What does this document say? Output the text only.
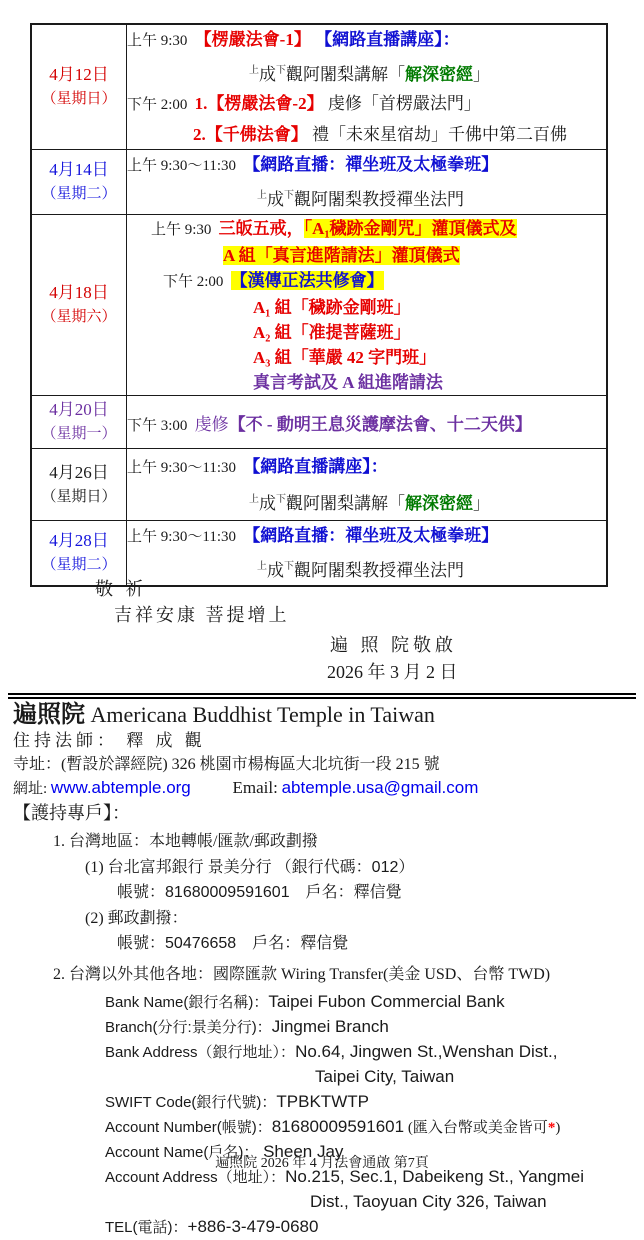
4月12日
（星期日）

上午 9:30 【楞嚴法會-1】 【網路直播講座】：
$^上$成$^下$觀阿闍梨講解「解深密經」
下午 2:00 1.【楞嚴法會-2】 虔修「首楞嚴法門」
2.【千佛法會】 禮「未來星宿劫」千佛中第二百佛

4月14日
（星期二）

上午 9:30～11:30 【網路直播：禪坐班及太極拳班】
$^上$成$^下$觀阿闍梨教授禪坐法門

4月18日
（星期六）

上午 9:30 三皈五戒，「A₁穢跡金剛咒」灌頂儀式及
A 組「真言進階請法」灌頂儀式
下午 2:00 【漢傳正法共修會】
A₁ 組「穢跡金剛班」
A₂ 組「准提菩薩班」
A₃ 組「華嚴 42 字門班」
真言考試及 A 組進階請法

4月20日
（星期一）	下午 3:00 虔修【不 - 動明王息災護摩法會、十二天供】

4月26日
（星期日）

上午 9:30～11:30 【網路直播講座】：
$^上$成$^下$觀阿闍梨講解「解深密經」

4月28日
（星期二）

上午 9:30～11:30 【網路直播：禪坐班及太極拳班】
$^上$成$^下$觀阿闍梨教授禪坐法門
敬 祈
吉祥安康 菩提增上
遍 照 院敬啟
2026 年 3 月 2 日
遍照院 Americana Buddhist Temple in Taiwan
住持法師： 釋 成 觀
寺址：(暫設於譯經院) 326 桃園市楊梅區大北坑街一段 215 號
網址: www.abtemple.org Email: abtemple.usa@gmail.com
【護持專戶】：
1. 台灣地區：本地轉帳/匯款/郵政劃撥
(1) 台北富邦銀行 景美分行 （銀行代碼：012）
帳號：81680009591601　戶名：釋信覺
(2) 郵政劃撥：
帳號：50476658　戶名：釋信覺
2. 台灣以外其他各地：國際匯款 Wiring Transfer(美金 USD、台幣 TWD)
Bank Name(銀行名稱)：Taipei Fubon Commercial Bank
Branch(分行:景美分行)：Jingmei Branch
Bank Address（銀行地址）：No.64, Jingwen St.,Wenshan Dist.,
Taipei City, Taiwan
SWIFT Code(銀行代號)：TPBKTWTP
Account Number(帳號)：81680009591601 (匯入台幣或美金皆可*)
Account Name(戶名)： Sheen Jay
Account Address（地址）：No.215, Sec.1, Dabeikeng St., Yangmei
Dist., Taoyuan City 326, Taiwan
TEL(電話)：+886-3-479-0680
遍照院 2026 年 4 月法會通啟 第7頁
